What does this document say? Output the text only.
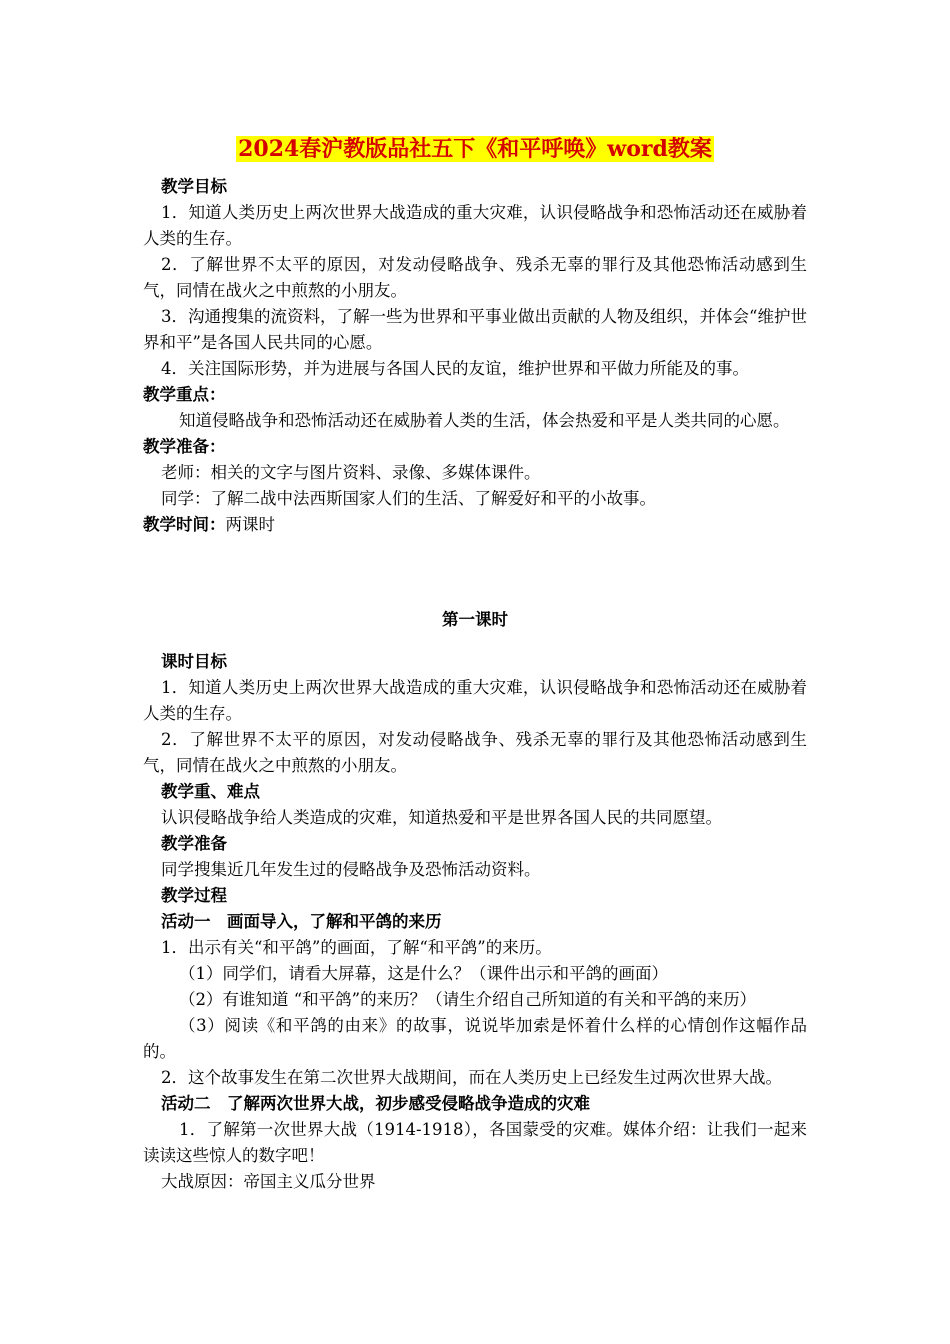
2024春沪教版品社五下《和平呼唤》word教案

教学目标

1．知道人类历史上两次世界大战造成的重大灾难，认识侵略战争和恐怖活动还在威胁着人类的生存。

2．了解世界不太平的原因，对发动侵略战争、残杀无辜的罪行及其他恐怖活动感到生气，同情在战火之中煎熬的小朋友。

3．沟通搜集的流资料，了解一些为世界和平事业做出贡献的人物及组织，并体会“维护世界和平”是各国人民共同的心愿。

4．关注国际形势，并为进展与各国人民的友谊，维护世界和平做力所能及的事。

教学重点：

知道侵略战争和恐怖活动还在威胁着人类的生活，体会热爱和平是人类共同的心愿。

教学准备：

老师：相关的文字与图片资料、录像、多媒体课件。

同学：了解二战中法西斯国家人们的生活、了解爱好和平的小故事。

教学时间：两课时

第一课时

课时目标

1．知道人类历史上两次世界大战造成的重大灾难，认识侵略战争和恐怖活动还在威胁着人类的生存。

2．了解世界不太平的原因，对发动侵略战争、残杀无辜的罪行及其他恐怖活动感到生气，同情在战火之中煎熬的小朋友。

教学重、难点

认识侵略战争给人类造成的灾难，知道热爱和平是世界各国人民的共同愿望。

教学准备

同学搜集近几年发生过的侵略战争及恐怖活动资料。

教学过程

活动一　画面导入，了解和平鸽的来历

1．出示有关“和平鸽”的画面，了解“和平鸽”的来历。

（1）同学们，请看大屏幕，这是什么？（课件出示和平鸽的画面）

（2）有谁知道 “和平鸽”的来历？（请生介绍自己所知道的有关和平鸽的来历）

（3）阅读《和平鸽的由来》的故事，说说毕加索是怀着什么样的心情创作这幅作品的。

2．这个故事发生在第二次世界大战期间，而在人类历史上已经发生过两次世界大战。

活动二　了解两次世界大战，初步感受侵略战争造成的灾难

1．了解第一次世界大战（1914-1918），各国蒙受的灾难。媒体介绍：让我们一起来读读这些惊人的数字吧！

大战原因：帝国主义瓜分世界
